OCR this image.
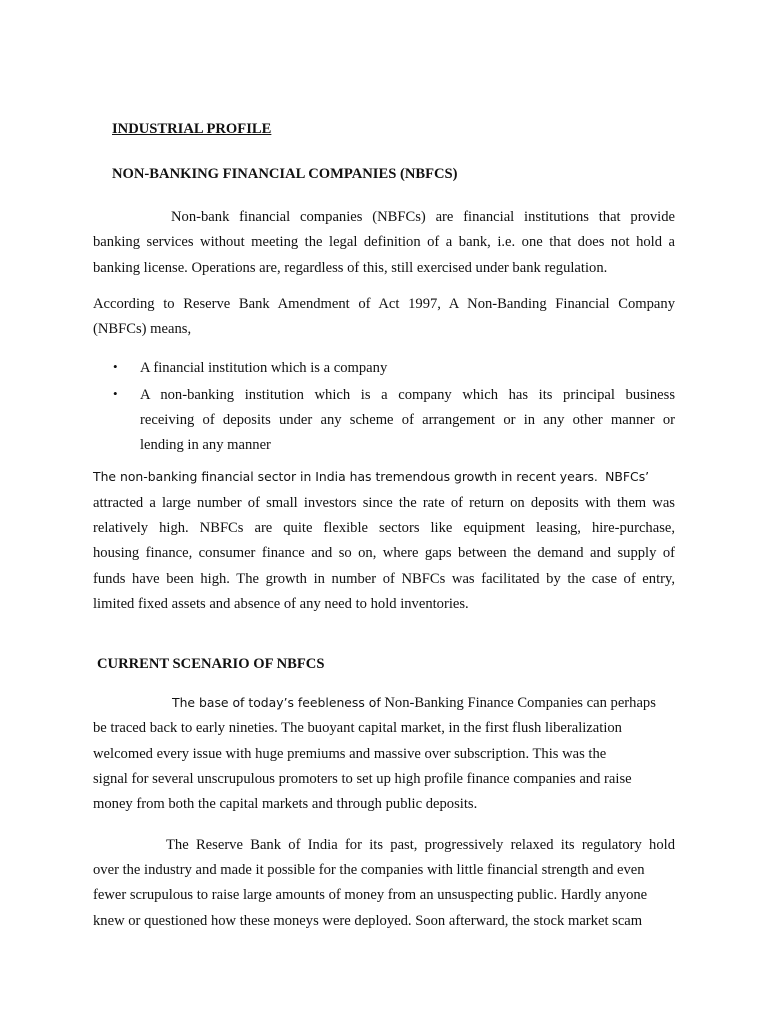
INDUSTRIAL PROFILE

NON-BANKING FINANCIAL COMPANIES (NBFCS)

Non-bank financial companies (NBFCs) are financial institutions that provide

banking services without meeting the legal definition of a bank, i.e. one that does not hold a

banking license. Operations are, regardless of this, still exercised under bank regulation.

According to Reserve Bank Amendment of Act 1997, A Non-Banding Financial Company

(NBFCs) means,

• A financial institution which is a company

• A non-banking institution which is a company which has its principal business

receiving of deposits under any scheme of arrangement or in any other manner or

lending in any manner

The non-banking financial sector in India has tremendous growth in recent years. NBFCs’

attracted a large number of small investors since the rate of return on deposits with them was

relatively high. NBFCs are quite flexible sectors like equipment leasing, hire-purchase,

housing finance, consumer finance and so on, where gaps between the demand and supply of

funds have been high. The growth in number of NBFCs was facilitated by the case of entry,

limited fixed assets and absence of any need to hold inventories.

CURRENT SCENARIO OF NBFCS

The base of today’s feebleness of Non-Banking Finance Companies can perhaps

be traced back to early nineties. The buoyant capital market, in the first flush liberalization

welcomed every issue with huge premiums and massive over subscription. This was the

signal for several unscrupulous promoters to set up high profile finance companies and raise

money from both the capital markets and through public deposits.

The Reserve Bank of India for its past, progressively relaxed its regulatory hold

over the industry and made it possible for the companies with little financial strength and even

fewer scrupulous to raise large amounts of money from an unsuspecting public. Hardly anyone

knew or questioned how these moneys were deployed. Soon afterward, the stock market scam
